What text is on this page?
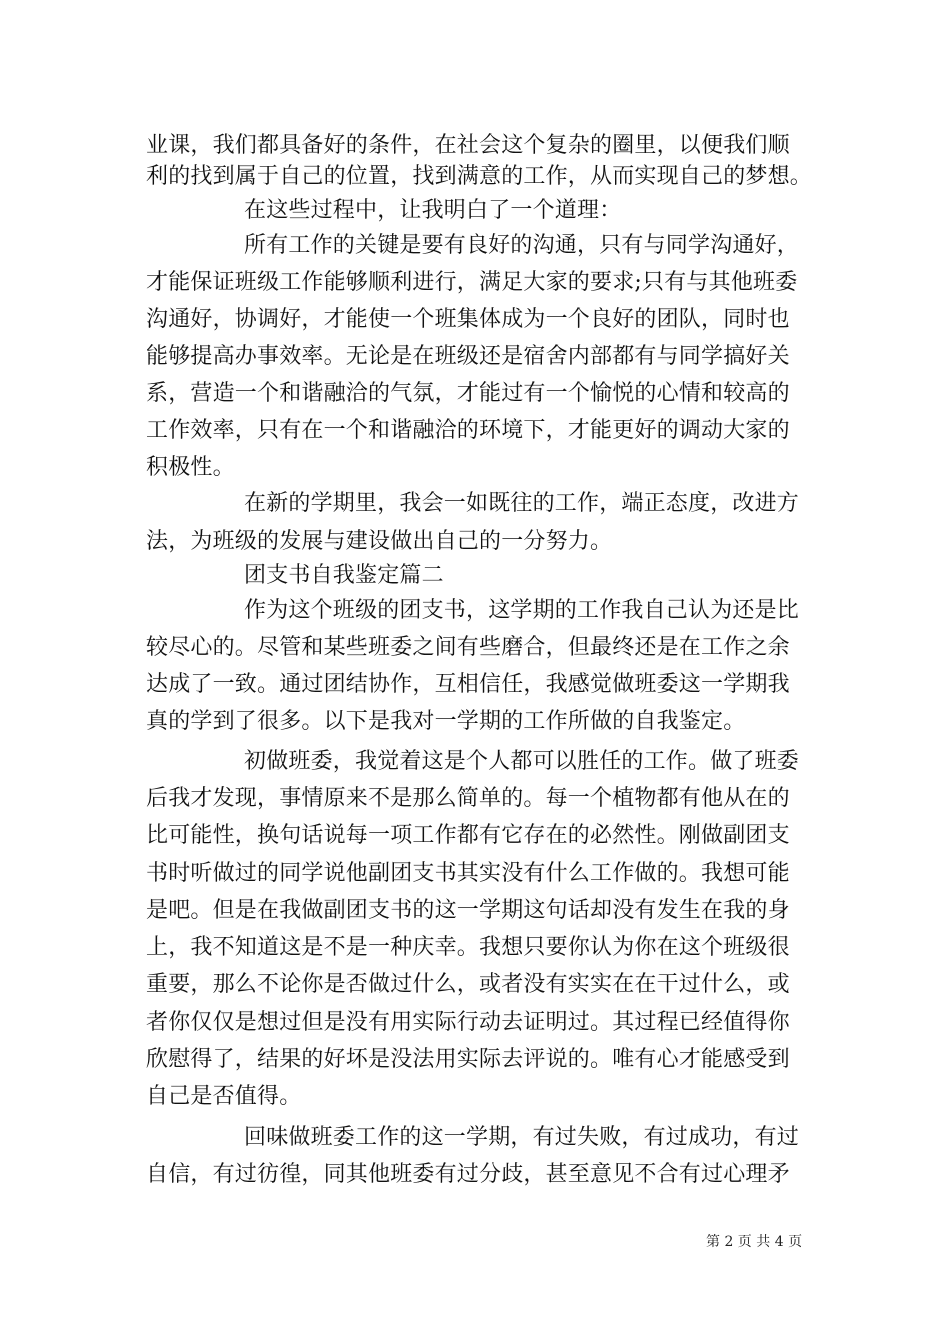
业课，我们都具备好的条件，在社会这个复杂的圈里，以便我们顺
利的找到属于自己的位置，找到满意的工作，从而实现自己的梦想。
在这些过程中，让我明白了一个道理：
所有工作的关键是要有良好的沟通，只有与同学沟通好，
才能保证班级工作能够顺利进行，满足大家的要求;只有与其他班委
沟通好，协调好，才能使一个班集体成为一个良好的团队，同时也
能够提高办事效率。无论是在班级还是宿舍内部都有与同学搞好关
系，营造一个和谐融洽的气氛，才能过有一个愉悦的心情和较高的
工作效率，只有在一个和谐融洽的环境下，才能更好的调动大家的
积极性。
在新的学期里，我会一如既往的工作，端正态度，改进方
法，为班级的发展与建设做出自己的一分努力。
团支书自我鉴定篇二
作为这个班级的团支书，这学期的工作我自己认为还是比
较尽心的。尽管和某些班委之间有些磨合，但最终还是在工作之余
达成了一致。通过团结协作，互相信任，我感觉做班委这一学期我
真的学到了很多。以下是我对一学期的工作所做的自我鉴定。
初做班委，我觉着这是个人都可以胜任的工作。做了班委
后我才发现，事情原来不是那么简单的。每一个植物都有他从在的
比可能性，换句话说每一项工作都有它存在的必然性。刚做副团支
书时听做过的同学说他副团支书其实没有什么工作做的。我想可能
是吧。但是在我做副团支书的这一学期这句话却没有发生在我的身
上，我不知道这是不是一种庆幸。我想只要你认为你在这个班级很
重要，那么不论你是否做过什么，或者没有实实在在干过什么，或
者你仅仅是想过但是没有用实际行动去证明过。其过程已经值得你
欣慰得了，结果的好坏是没法用实际去评说的。唯有心才能感受到
自己是否值得。
回味做班委工作的这一学期，有过失败，有过成功，有过
自信，有过彷徨，同其他班委有过分歧，甚至意见不合有过心理矛
第 2 页 共 4 页
